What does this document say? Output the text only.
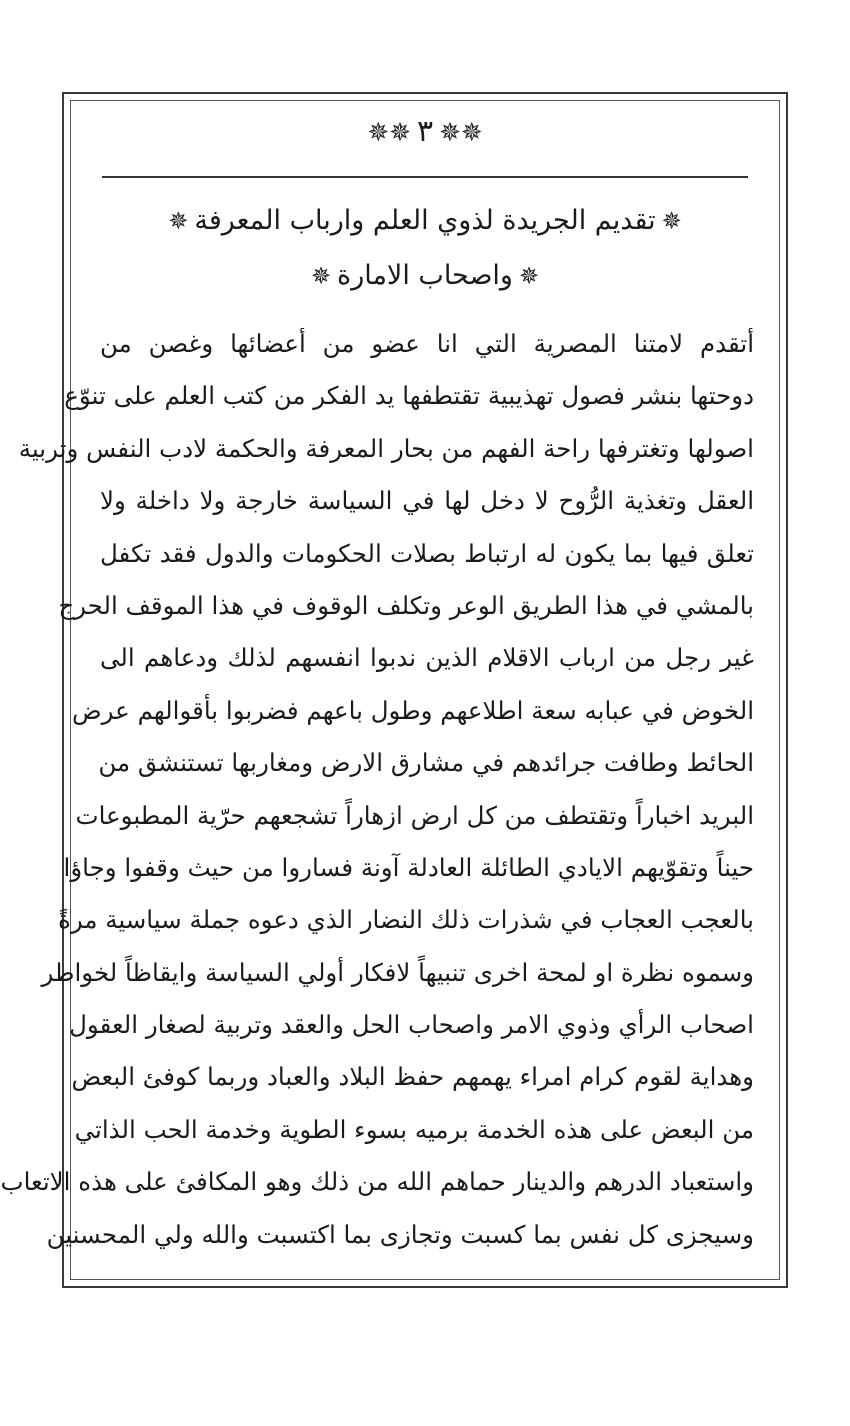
✵✵٣✵✵
✵تقديم الجريدة لذوي العلم وارباب المعرفة✵
✵واصحاب الامارة✵
أتقدم لامتنا المصرية التي انا عضو من أعضائها وغصن من
دوحتها بنشر فصول تهذيبية تقتطفها يد الفكر من كتب العلم على تنوّع
اصولها وتغترفها راحة الفهم من بحار المعرفة والحكمة لادب النفس وتربية
العقل وتغذية الرُّوح لا دخل لها في السياسة خارجة ولا داخلة ولا
تعلق فيها بما يكون له ارتباط بصلات الحكومات والدول فقد تكفل
بالمشي في هذا الطريق الوعر وتكلف الوقوف في هذا الموقف الحرج
غير رجل من ارباب الاقلام الذين ندبوا انفسهم لذلك ودعاهم الى
الخوض في عبابه سعة اطلاعهم وطول باعهم فضربوا بأقوالهم عرض
الحائط وطافت جرائدهم في مشارق الارض ومغاربها تستنشق من
البريد اخباراً وتقتطف من كل ارض ازهاراً تشجعهم حرّية المطبوعات
حيناً وتقوّيهم الايادي الطائلة العادلة آونة فساروا من حيث وقفوا وجاؤا
بالعجب العجاب في شذرات ذلك النضار الذي دعوه جملة سياسية مرةً
وسموه نظرة او لمحة اخرى تنبيهاً لافكار أولي السياسة وايقاظاً لخواطر
اصحاب الرأي وذوي الامر واصحاب الحل والعقد وتربية لصغار العقول
وهداية لقوم كرام امراء يهمهم حفظ البلاد والعباد وربما كوفئ البعض
من البعض على هذه الخدمة برميه بسوء الطوية وخدمة الحب الذاتي
واستعباد الدرهم والدينار حماهم الله من ذلك وهو المكافئ على هذه الاتعاب
وسيجزى كل نفس بما كسبت وتجازى بما اكتسبت والله ولي المحسنين
